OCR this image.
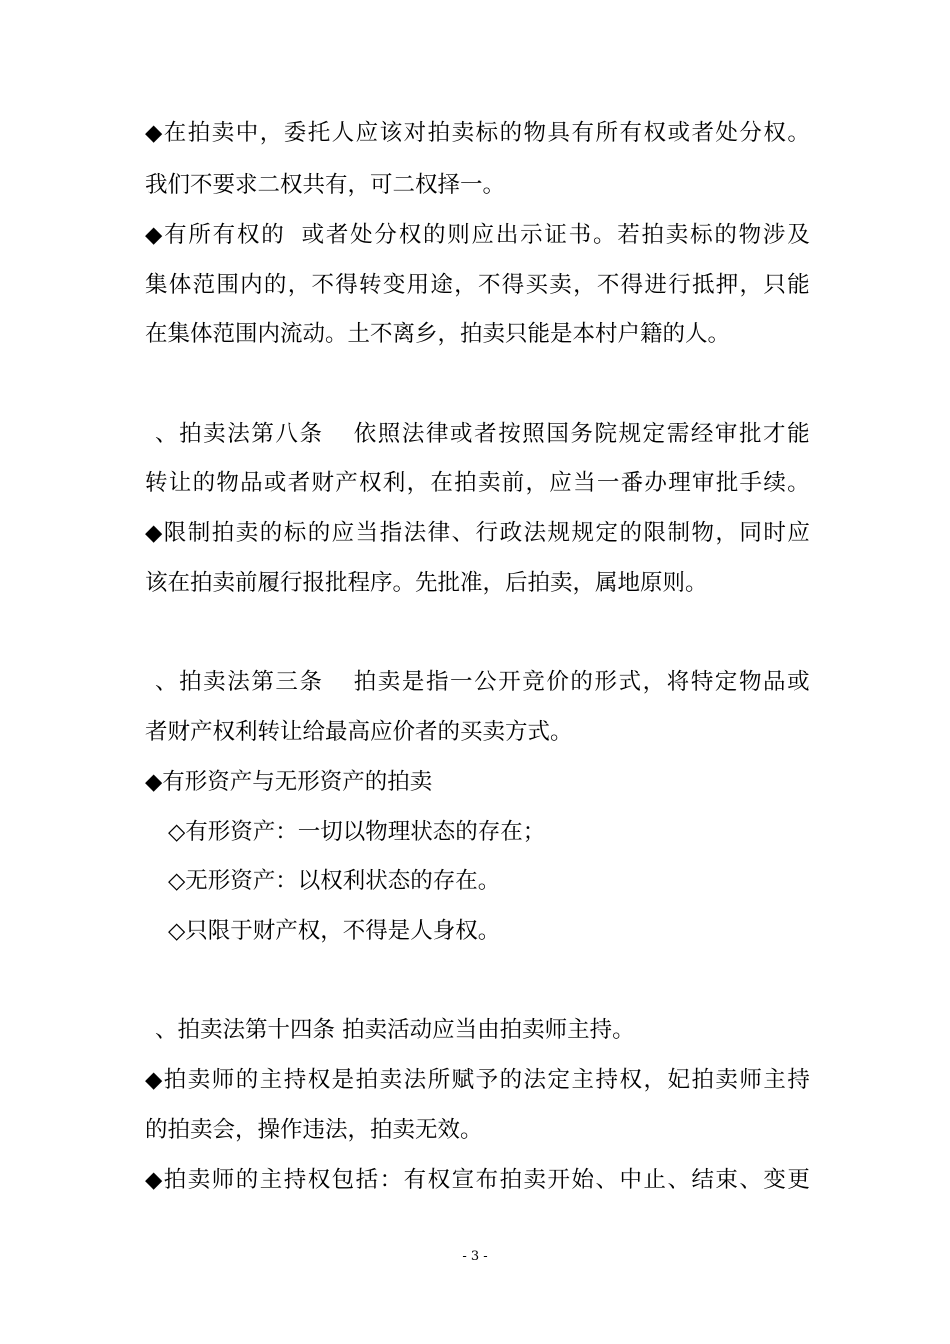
◆ 在 拍 卖 中 ， 委 托 人 应 该 对 拍 卖 标 的 物 具 有 所 有 权 或 者 处 分 权 。
我们不要求二权共有，可二权择一。
◆ 有 所 有 权 的
或 者 处 分 权 的 则 应 出 示 证 书 。 若 拍 卖 标 的 物 涉 及
集 体 范 围 内 的 ， 不 得 转 变 用 途 ， 不 得 买 卖 ， 不 得 进 行 抵 押 ， 只 能
在集体范围内流动。土不离乡，拍卖只能是本村户籍的人。
、 拍 卖 法 第 八 条
依 照 法 律 或 者 按 照 国 务 院 规 定 需 经 审 批 才 能
转 让 的 物 品 或 者 财 产 权 利 ， 在 拍 卖 前 ， 应 当 一 番 办 理 审 批 手 续 。
◆ 限 制 拍 卖 的 标 的 应 当 指 法 律 、 行 政 法 规 规 定 的 限 制 物 ， 同 时 应
该在拍卖前履行报批程序。先批准，后拍卖，属地原则。
、 拍 卖 法 第 三 条
拍 卖 是 指 一 公 开 竞 价 的 形 式 ， 将 特 定 物 品 或
者财产权利转让给最高应价者的买卖方式。
◆有形资产与无形资产的拍卖
◇有形资产：一切以物理状态的存在；
◇无形资产：以权利状态的存在。
◇只限于财产权，不得是人身权。
、拍卖法第十四条 拍卖活动应当由拍卖师主持。
◆ 拍 卖 师 的 主 持 权 是 拍 卖 法 所 赋 予 的 法 定 主 持 权 ， 妃 拍 卖 师 主 持
的拍卖会，操作违法，拍卖无效。
◆ 拍 卖 师 的 主 持 权 包 括 ： 有 权 宣 布 拍 卖 开 始 、 中 止 、 结 束 、 变 更
- 3 -
